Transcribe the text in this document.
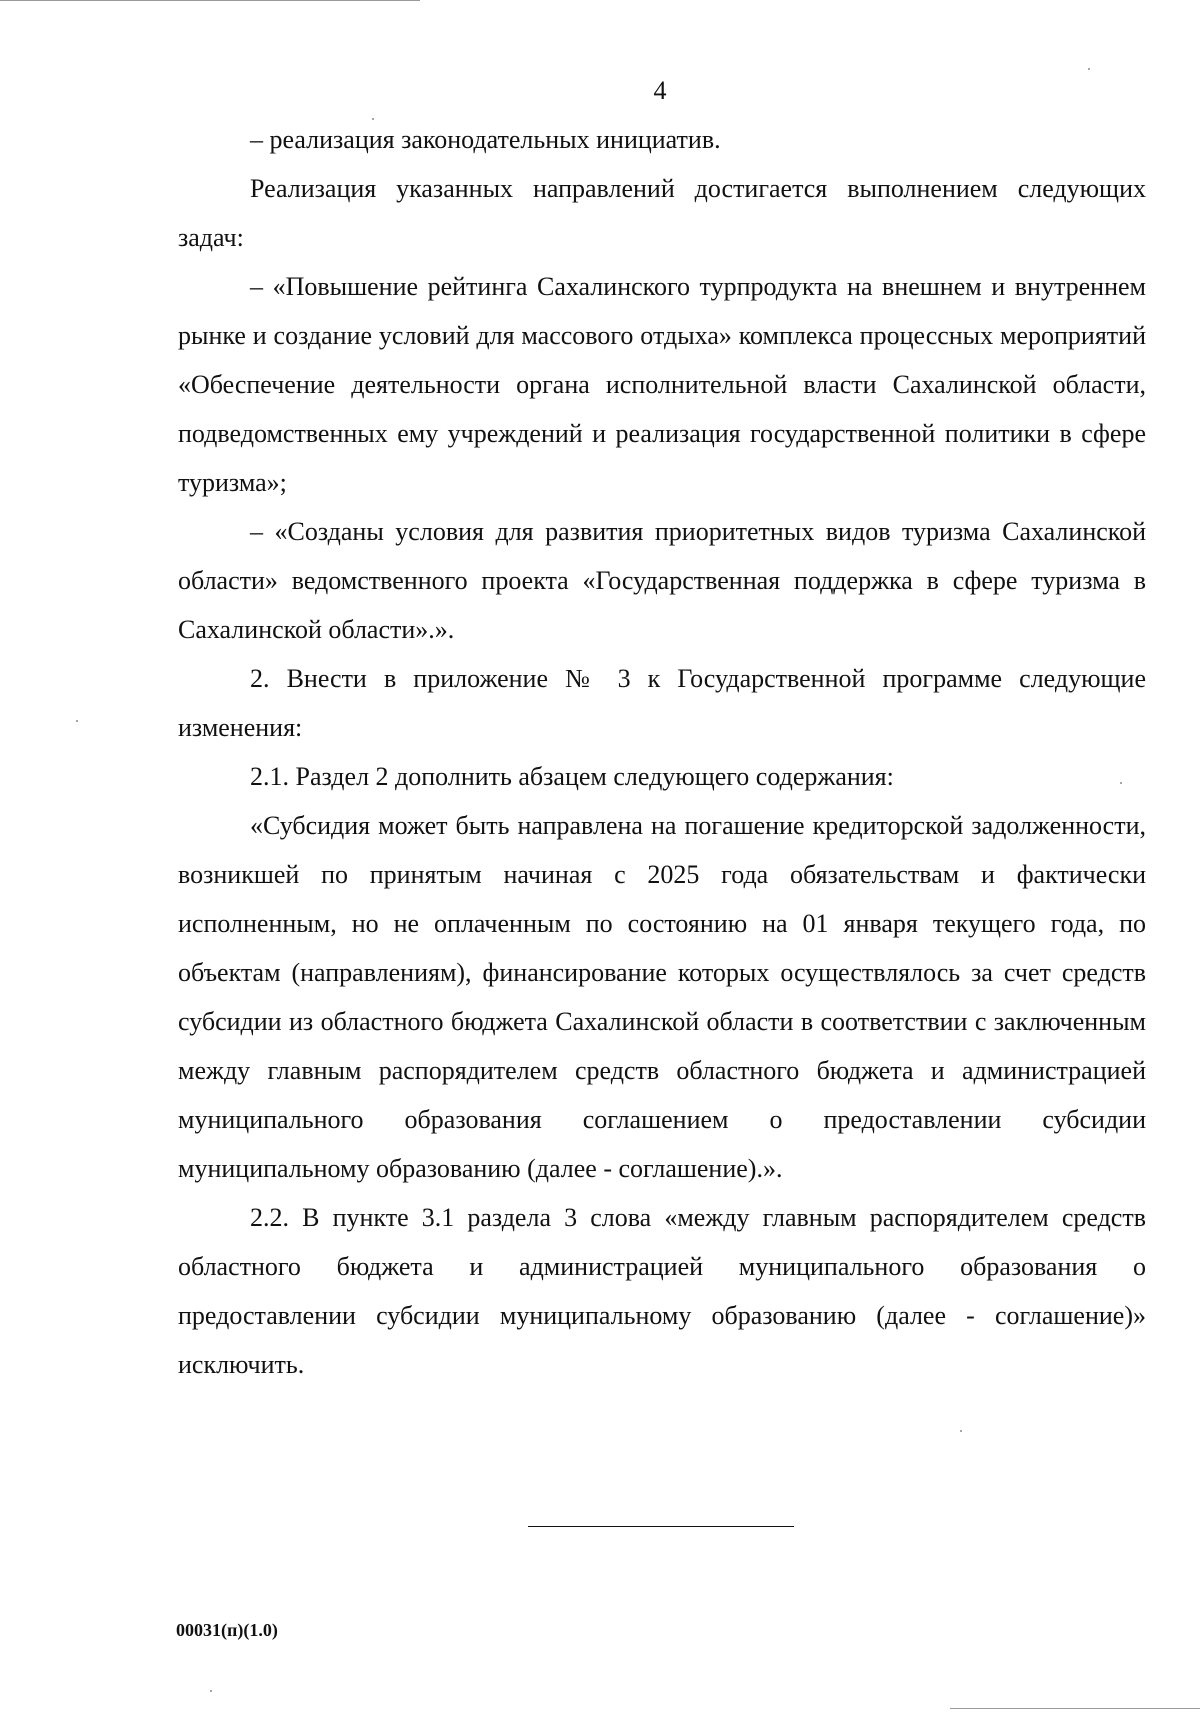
4

– реализация законодательных инициатив.

Реализация указанных направлений достигается выполнением следующих задач:

– «Повышение рейтинга Сахалинского турпродукта на внешнем и внутреннем рынке и создание условий для массового отдыха» комплекса процессных мероприятий «Обеспечение деятельности органа исполнительной власти Сахалинской области, подведомственных ему учреждений и реализация государственной политики в сфере туризма»;

– «Созданы условия для развития приоритетных видов туризма Сахалинской области» ведомственного проекта «Государственная поддержка в сфере туризма в Сахалинской области».».

2. Внести в приложение № 3 к Государственной программе следующие изменения:

2.1. Раздел 2 дополнить абзацем следующего содержания:

«Субсидия может быть направлена на погашение кредиторской задолженности, возникшей по принятым начиная с 2025 года обязательствам и фактически исполненным, но не оплаченным по состоянию на 01 января текущего года, по объектам (направлениям), финансирование которых осуществлялось за счет средств субсидии из областного бюджета Сахалинской области в соответствии с заключенным между главным распорядителем средств областного бюджета и администрацией муниципального образования соглашением о предоставлении субсидии муниципальному образованию (далее - соглашение).».

2.2. В пункте 3.1 раздела 3 слова «между главным распорядителем средств областного бюджета и администрацией муниципального образования о предоставлении субсидии муниципальному образованию (далее - соглашение)» исключить.

00031(п)(1.0)
